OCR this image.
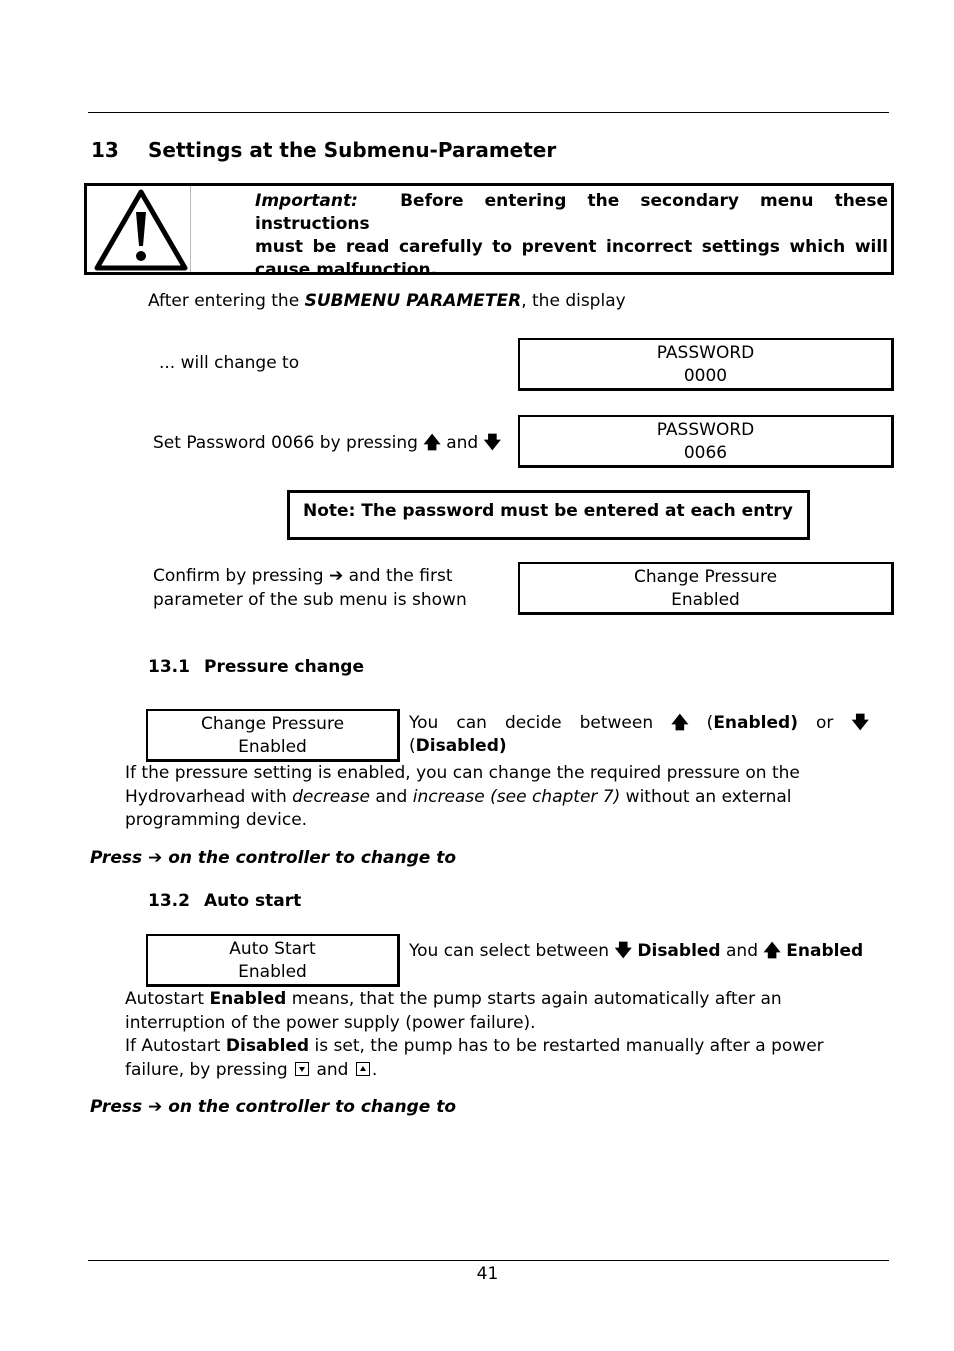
13 Settings at the Submenu-Parameter
Important: Before entering the secondary menu these instructions
must be read carefully to prevent incorrect settings which will
cause malfunction.
After entering the SUBMENU PARAMETER, the display
... will change to	PASSWORD
0000
Set Password 0066 by pressing 🡅 and 🡇
PASSWORD
0066
Note: The password must be entered at each entry
Confirm by pressing ➔ and the first
parameter of the sub menu is shown
Change Pressure
Enabled
13.1 Pressure change
Change Pressure
Enabled
You can decide between 🡅 (Enabled) or 🡇
(Disabled)
If the pressure setting is enabled, you can change the required pressure on the
Hydrovarhead with decrease and increase (see chapter 7) without an external
programming device.
Press ➔ on the controller to change to
13.2 Auto start
Auto Start
Enabled
You can select between 🡇 Disabled and 🡅 Enabled
Autostart Enabled means, that the pump starts again automatically after an
interruption of the power supply (power failure).
If Autostart Disabled is set, the pump has to be restarted manually after a power
failure, by pressing and .
Press ➔ on the controller to change to
41
